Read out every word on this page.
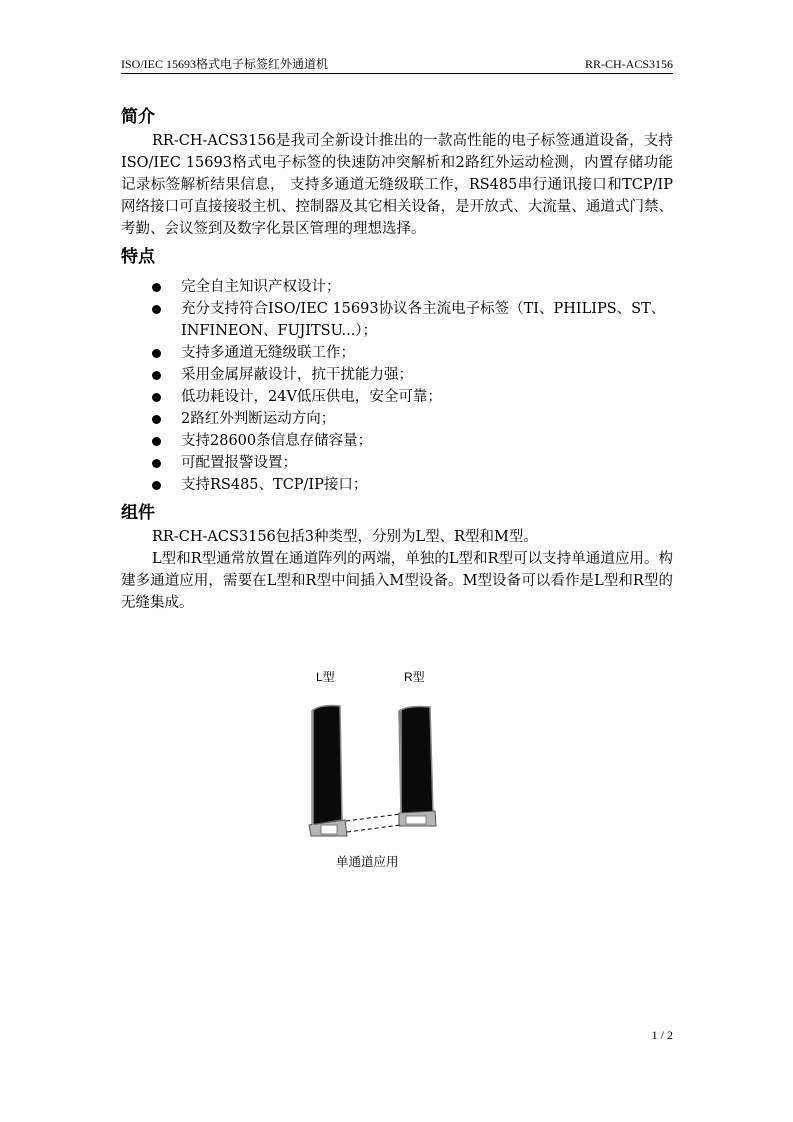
ISO/IEC 15693格式电子标签红外通道机	RR-CH-ACS3156
简介

RR-CH-ACS3156是我司全新设计推出的一款高性能的电子标签通道设备，支持ISO/IEC 15693格式电子标签的快速防冲突解析和2路红外运动检测，内置存储功能记录标签解析结果信息， 支持多通道无缝级联工作，RS485串行通讯接口和TCP/IP网络接口可直接接驳主机、控制器及其它相关设备，是开放式、大流量、通道式门禁、考勤、会议签到及数字化景区管理的理想选择。

特点
完全自主知识产权设计；
充分支持符合ISO/IEC 15693协议各主流电子标签（TI、PHILIPS、ST、INFINEON、FUJITSU...）；
支持多通道无缝级联工作；
采用金属屏蔽设计，抗干扰能力强；
低功耗设计，24V低压供电，安全可靠；
2路红外判断运动方向；
支持28600条信息存储容量；
可配置报警设置；
支持RS485、TCP/IP接口；
组件

RR-CH-ACS3156包括3种类型，分别为L型、R型和M型。

L型和R型通常放置在通道阵列的两端，单独的L型和R型可以支持单通道应用。构建多通道应用，需要在L型和R型中间插入M型设备。M型设备可以看作是L型和R型的无缝集成。

L型	R型
单通道应用
1 / 2
